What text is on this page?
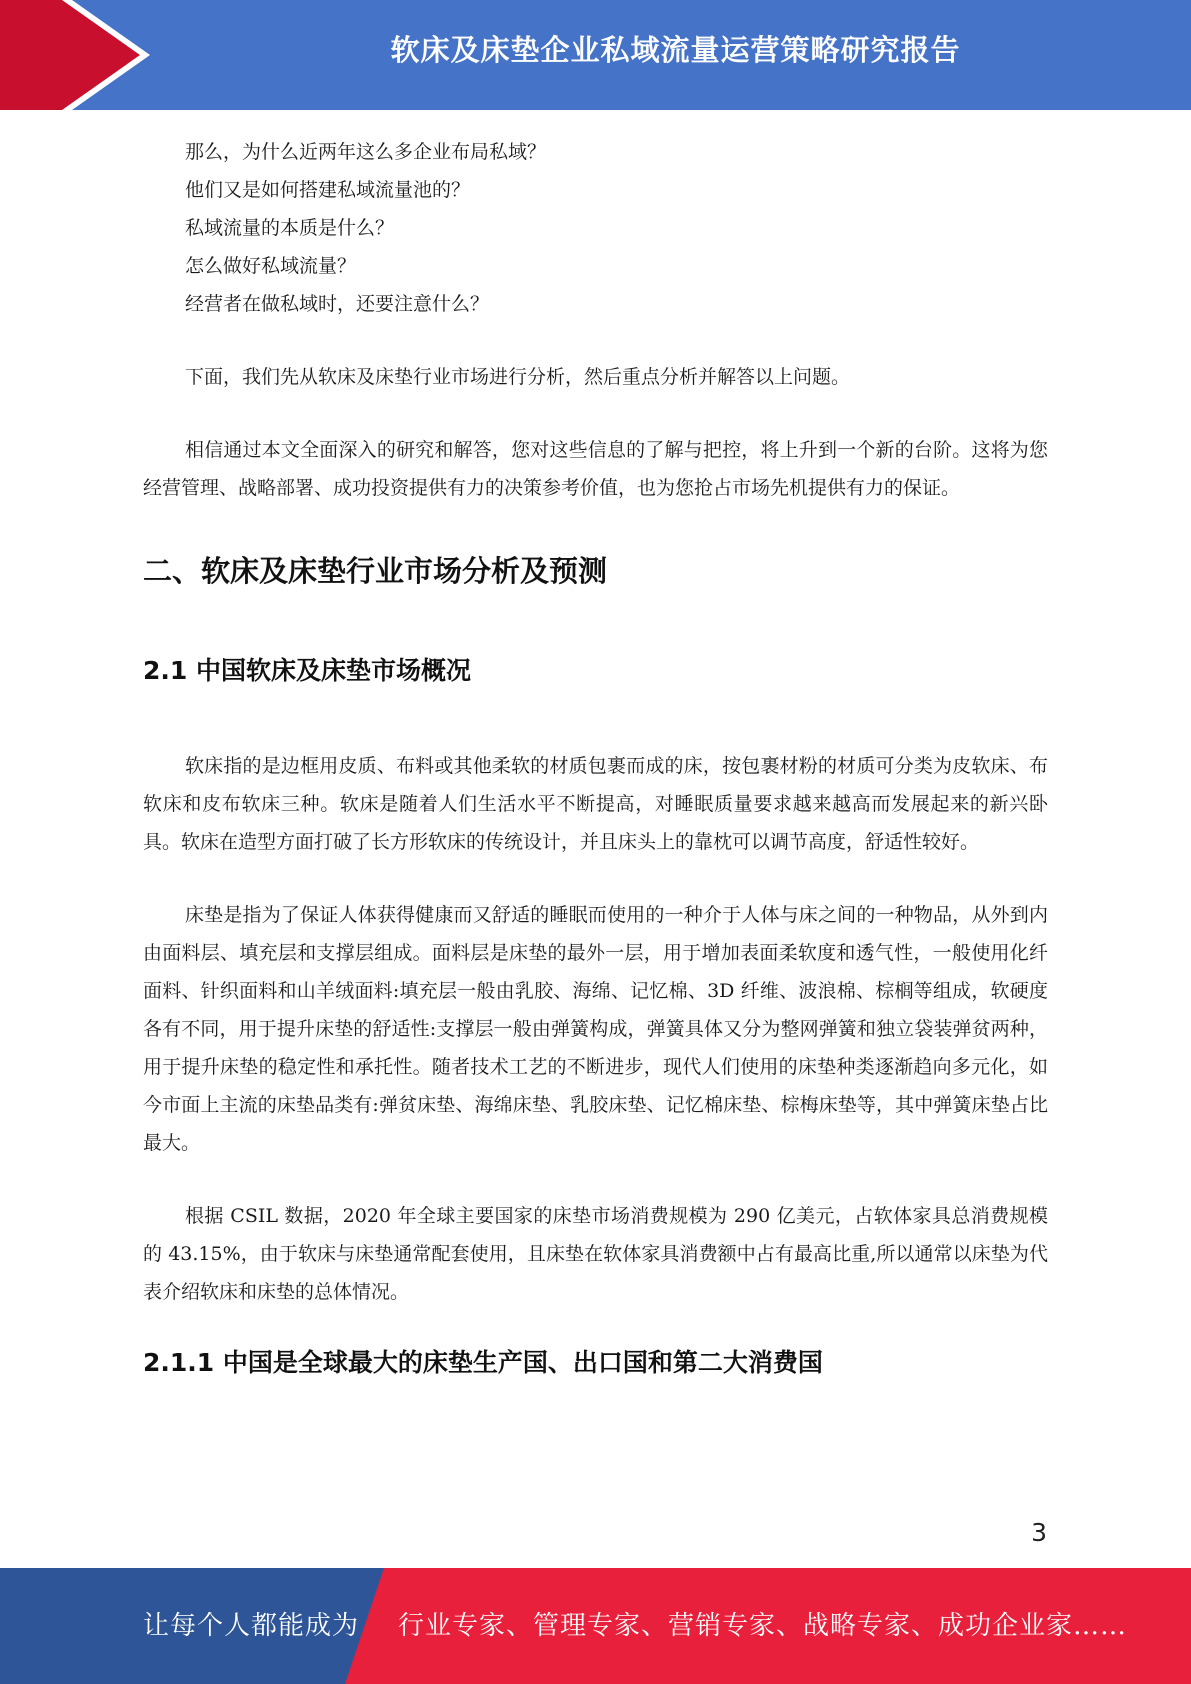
软床及床垫企业私域流量运营策略研究报告
那么，为什么近两年这么多企业布局私域？
他们又是如何搭建私域流量池的？
私域流量的本质是什么？
怎么做好私域流量？
经营者在做私域时，还要注意什么？

下面，我们先从软床及床垫行业市场进行分析，然后重点分析并解答以上问题。

相信通过本文全面深入的研究和解答，您对这些信息的了解与把控，将上升到一个新的台阶。这将为您经营管理、战略部署、成功投资提供有力的决策参考价值，也为您抢占市场先机提供有力的保证。

二、软床及床垫行业市场分析及预测
2.1 中国软床及床垫市场概况

软床指的是边框用皮质、布料或其他柔软的材质包裹而成的床，按包裹材粉的材质可分类为皮软床、布软床和皮布软床三种。软床是随着人们生活水平不断提高，对睡眠质量要求越来越高而发展起来的新兴卧具。软床在造型方面打破了长方形软床的传统设计，并且床头上的靠枕可以调节高度，舒适性较好。

床垫是指为了保证人体获得健康而又舒适的睡眠而使用的一种介于人体与床之间的一种物品，从外到内由面料层、填充层和支撑层组成。面料层是床垫的最外一层，用于增加表面柔软度和透气性，一般使用化纤面料、针织面料和山羊绒面料:填充层一般由乳胶、海绵、记忆棉、3D 纤维、波浪棉、棕榈等组成，软硬度各有不同，用于提升床垫的舒适性:支撑层一般由弹簧构成，弹簧具体又分为整网弹簧和独立袋装弹贫两种，用于提升床垫的稳定性和承托性。随者技术工艺的不断进步，现代人们使用的床垫种类逐渐趋向多元化，如今市面上主流的床垫品类有:弹贫床垫、海绵床垫、乳胶床垫、记忆棉床垫、棕梅床垫等，其中弹簧床垫占比最大。

根据 CSIL 数据，2020 年全球主要国家的床垫市场消费规模为 290 亿美元，占软体家具总消费规模的 43.15%，由于软床与床垫通常配套使用，且床垫在软体家具消费额中占有最高比重,所以通常以床垫为代表介绍软床和床垫的总体情况。

2.1.1 中国是全球最大的床垫生产国、出口国和第二大消费国
3
让每个人都能成为 行业专家、管理专家、营销专家、战略专家、成功企业家……
